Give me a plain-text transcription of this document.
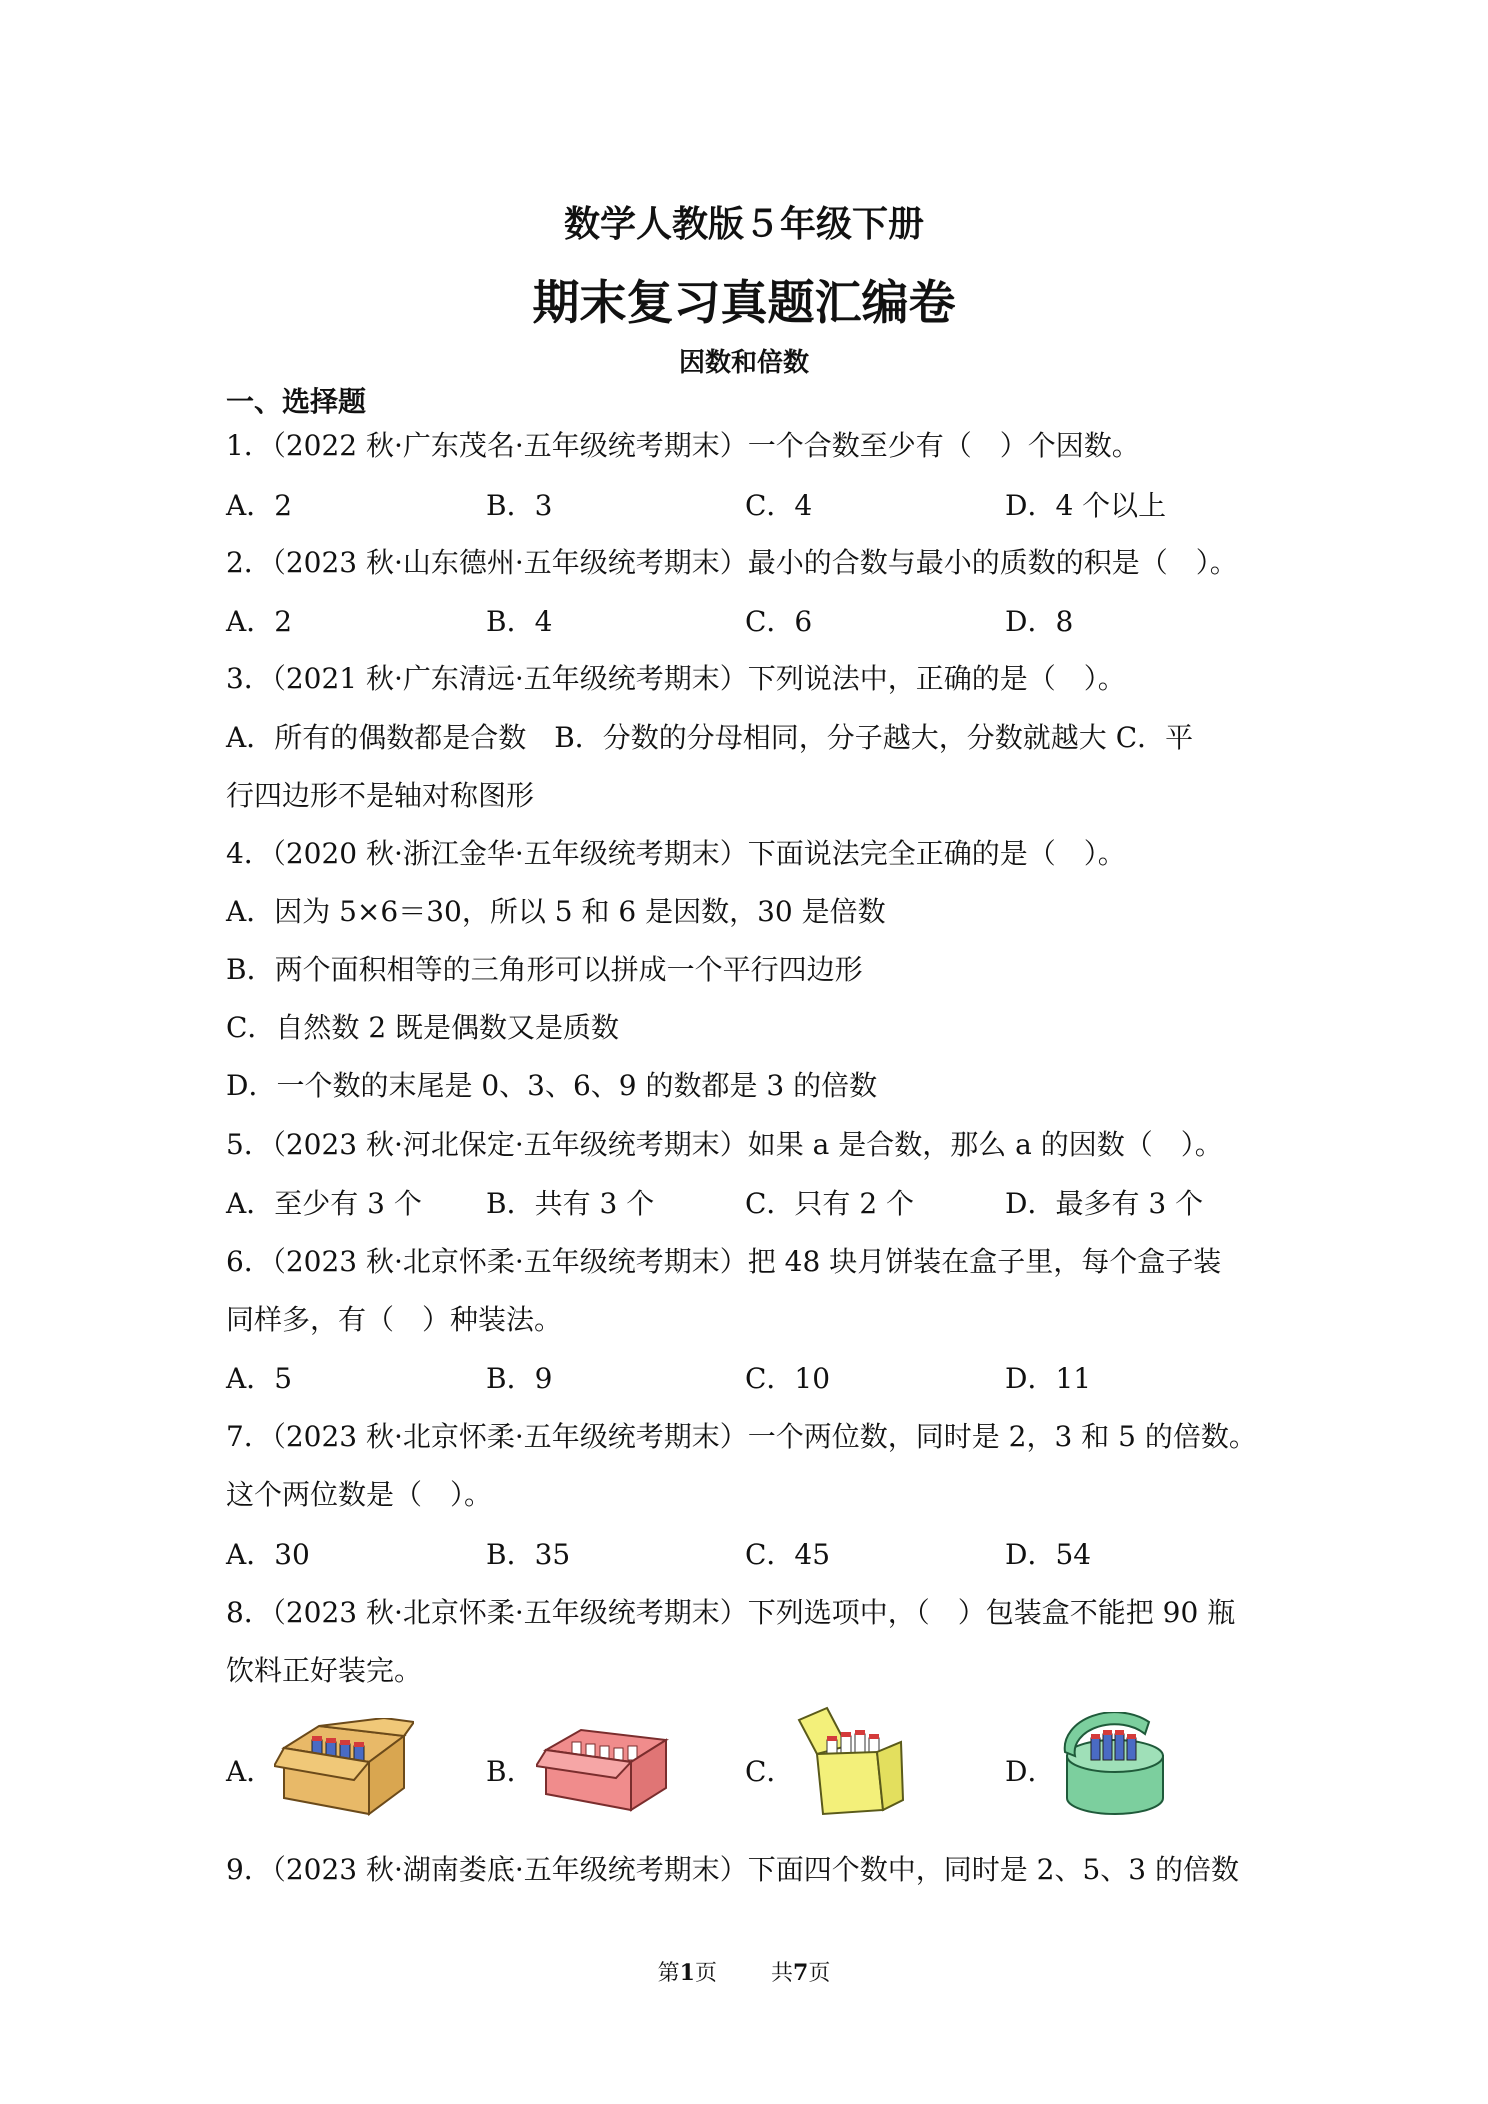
数学人教版５年级下册
期末复习真题汇编卷
因数和倍数
一、选择题
1．（2022 秋·广东茂名·五年级统考期末）一个合数至少有（　）个因数。
A．2	B．3	C．4	D．4 个以上
2．（2023 秋·山东德州·五年级统考期末）最小的合数与最小的质数的积是（　）。
A．2	B．4	C．6	D．8
3．（2021 秋·广东清远·五年级统考期末）下列说法中，正确的是（　）。
A．所有的偶数都是合数　B．分数的分母相同，分子越大，分数就越大 C．平
行四边形不是轴对称图形
4．（2020 秋·浙江金华·五年级统考期末）下面说法完全正确的是（　）。
A．因为 5×6＝30，所以 5 和 6 是因数，30 是倍数
B．两个面积相等的三角形可以拼成一个平行四边形
C．自然数 2 既是偶数又是质数
D．一个数的末尾是 0、3、6、9 的数都是 3 的倍数
5．（2023 秋·河北保定·五年级统考期末）如果 a 是合数，那么 a 的因数（　）。
A．至少有 3 个 B．共有 3 个	C．只有 2 个	D．最多有 3 个
6．（2023 秋·北京怀柔·五年级统考期末）把 48 块月饼装在盒子里，每个盒子装
同样多，有（　）种装法。
A．5	B．9	C．10	D．11
7．（2023 秋·北京怀柔·五年级统考期末）一个两位数，同时是 2，3 和 5 的倍数。
这个两位数是（　）。
A．30	B．35	C．45	D．54
8．（2023 秋·北京怀柔·五年级统考期末）下列选项中，（　）包装盒不能把 90 瓶
饮料正好装完。
A．	B．	C．	D．
9．（2023 秋·湖南娄底·五年级统考期末）下面四个数中，同时是 2、5、3 的倍数
第1页 共7页
